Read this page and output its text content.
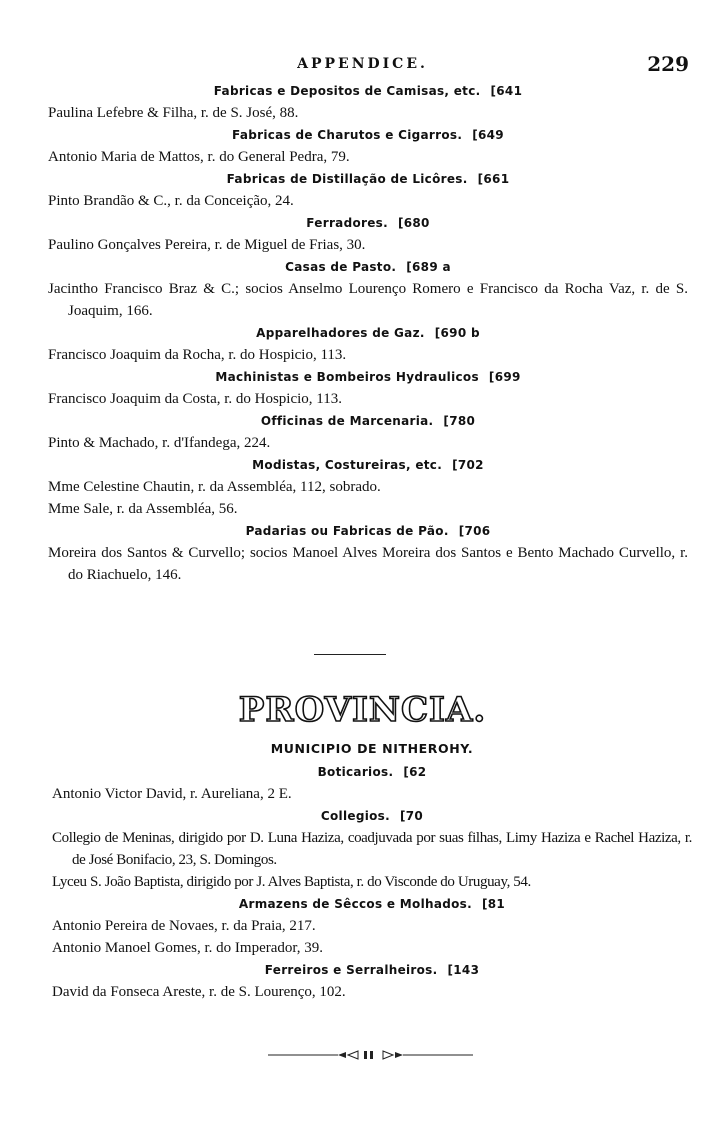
APPENDICE.	229
Fabricas e Depositos de Camisas, etc. [641
Paulina Lefebre & Filha, r. de S. José, 88.
Fabricas de Charutos e Cigarros. [649
Antonio Maria de Mattos, r. do General Pedra, 79.
Fabricas de Distillação de Licôres. [661
Pinto Brandão & C., r. da Conceição, 24.
Ferradores. [680
Paulino Gonçalves Pereira, r. de Miguel de Frias, 30.
Casas de Pasto. [689 a
Jacintho Francisco Braz & C.; socios Anselmo Lourenço Romero e Francisco da Rocha Vaz, r. de S. Joaquim, 166.
Apparelhadores de Gaz. [690 b
Francisco Joaquim da Rocha, r. do Hospicio, 113.
Machinistas e Bombeiros Hydraulicos [699
Francisco Joaquim da Costa, r. do Hospicio, 113.
Officinas de Marcenaria. [780
Pinto & Machado, r. d'Ifandega, 224.
Modistas, Costureiras, etc. [702
Mme Celestine Chautin, r. da Assembléa, 112, sobrado.
Mme Sale, r. da Assembléa, 56.
Padarias ou Fabricas de Pão. [706
Moreira dos Santos & Curvello; socios Manoel Alves Moreira dos Santos e Bento Machado Curvello, r. do Riachuelo, 146.
PROVINCIA.
MUNICIPIO DE NITHEROHY.
Boticarios. [62
Antonio Victor David, r. Aureliana, 2 E.
Collegios. [70
Collegio de Meninas, dirigido por D. Luna Haziza, coadjuvada por suas filhas, Limy Haziza e Rachel Haziza, r. de José Bonifacio, 23, S. Domingos.
Lyceu S. João Baptista, dirigido por J. Alves Baptista, r. do Visconde do Uruguay, 54.
Armazens de Sêccos e Molhados. [81
Antonio Pereira de Novaes, r. da Praia, 217.
Antonio Manoel Gomes, r. do Imperador, 39.
Ferreiros e Serralheiros. [143
David da Fonseca Areste, r. de S. Lourenço, 102.
